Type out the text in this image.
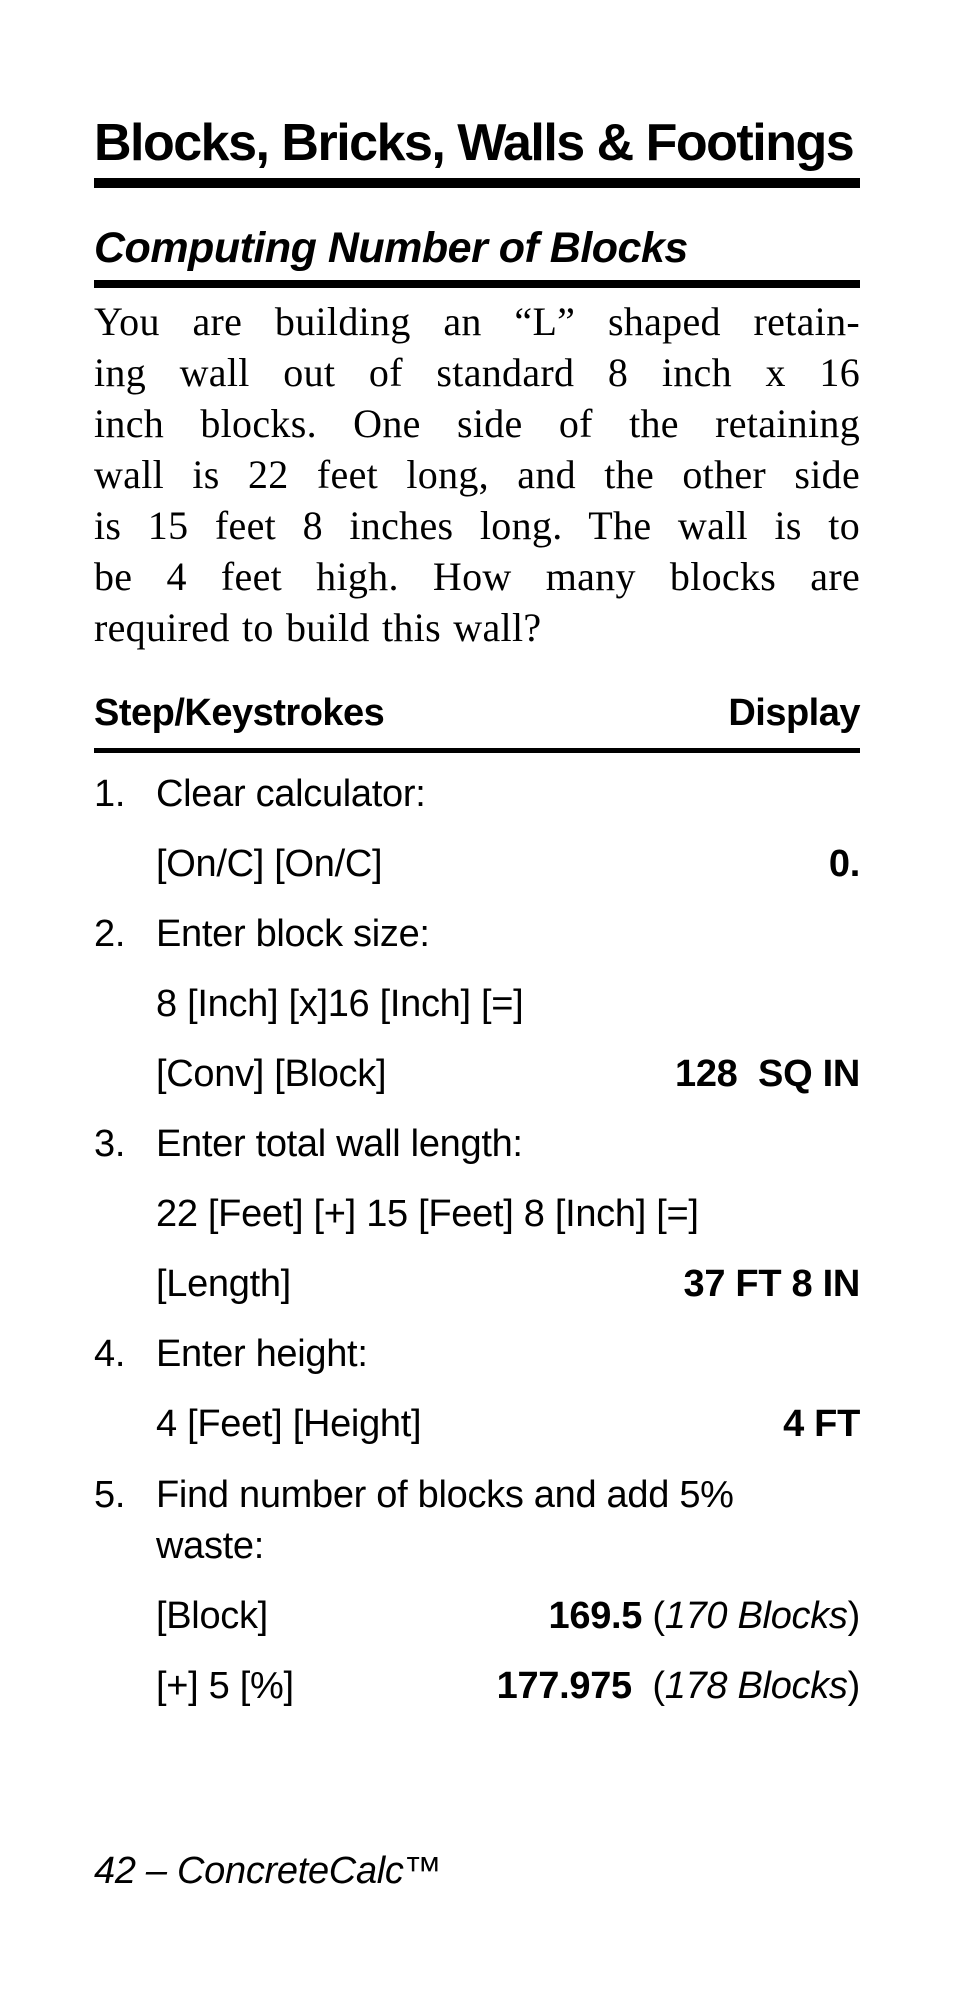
Blocks, Bricks, Walls & Footings
Computing Number of Blocks
You are building an “L” shaped retain-
ing wall out of standard 8 inch x 16
inch blocks. One side of the retaining
wall is 22 feet long, and the other side
is 15 feet 8 inches long. The wall is to
be 4 feet high. How many blocks are
required to build this wall?
Step/Keystrokes	Display
1. Clear calculator:
[On/C] [On/C]	0.
2. Enter block size:
8 [Inch] [x]16 [Inch] [=]
[Conv] [Block]	128  SQ IN
3. Enter total wall length:
22 [Feet] [+] 15 [Feet] 8 [Inch] [=]
[Length]	37 FT 8 IN
4. Enter height:
4 [Feet] [Height]	4 FT
5. Find number of blocks and add 5%
waste:
[Block]	169.5 (170 Blocks)
[+] 5 [%]	177.975  (178 Blocks)
42 – ConcreteCalc™
